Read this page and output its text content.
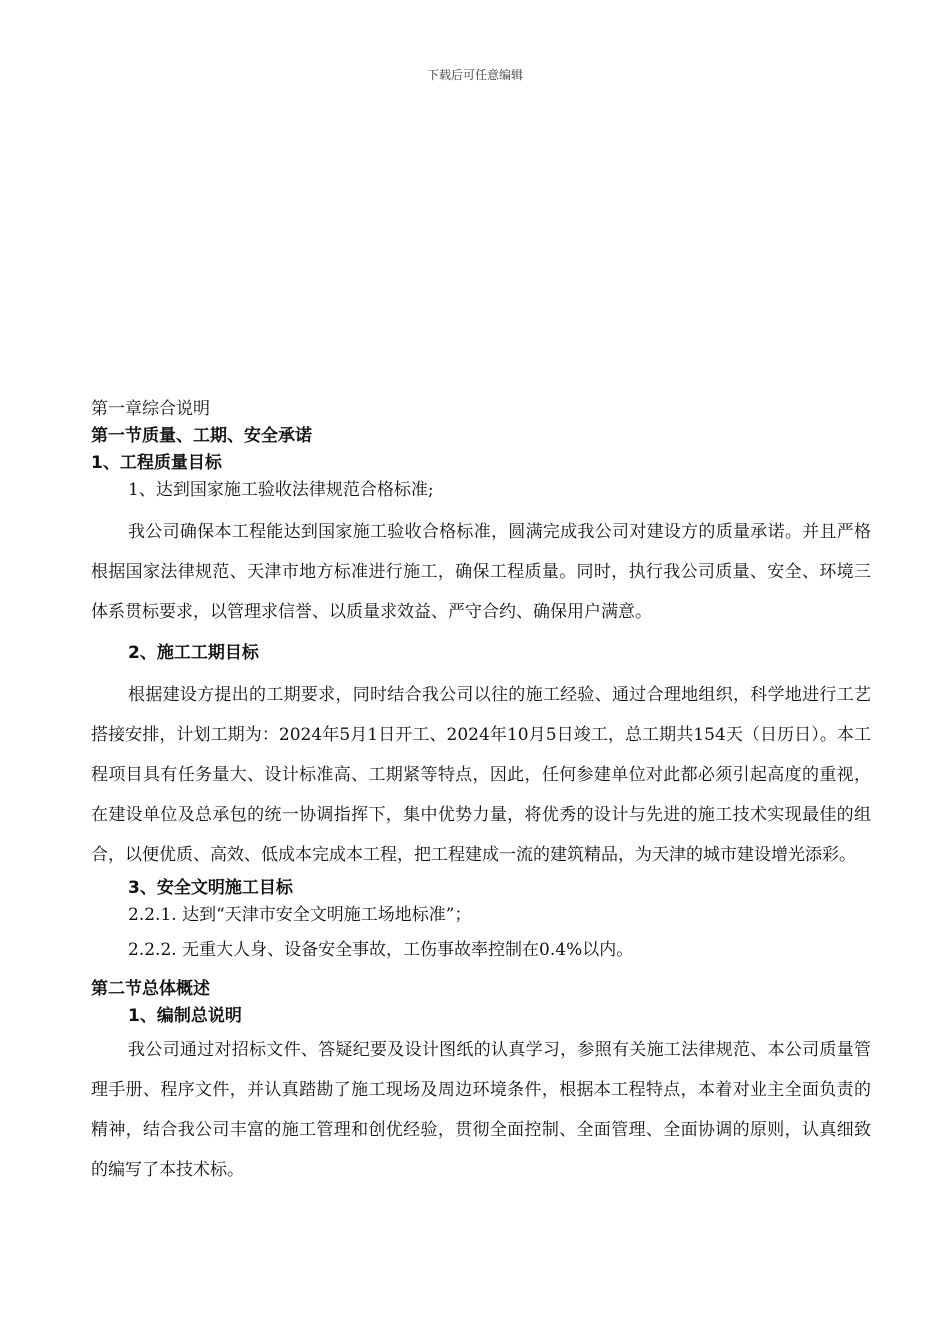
下载后可任意编辑
第一章综合说明
第一节质量、工期、安全承诺
1、工程质量目标

1、达到国家施工验收法律规范合格标准;

我公司确保本工程能达到国家施工验收合格标准，圆满完成我公司对建设方的质量承诺。并且严格根据国家法律规范、天津市地方标准进行施工，确保工程质量。同时，执行我公司质量、安全、环境三体系贯标要求，以管理求信誉、以质量求效益、严守合约、确保用户满意。

2、施工工期目标

根据建设方提出的工期要求，同时结合我公司以往的施工经验、通过合理地组织，科学地进行工艺搭接安排，计划工期为：2024年5月1日开工、2024年10月5日竣工，总工期共154天（日历日）。本工程项目具有任务量大、设计标准高、工期紧等特点，因此，任何参建单位对此都必须引起高度的重视，在建设单位及总承包的统一协调指挥下，集中优势力量，将优秀的设计与先进的施工技术实现最佳的组合，以便优质、高效、低成本完成本工程，把工程建成一流的建筑精品，为天津的城市建设增光添彩。

3、安全文明施工目标

2.2.1. 达到“天津市安全文明施工场地标准”；

2.2.2. 无重大人身、设备安全事故，工伤事故率控制在0.4%以内。

第二节总体概述
1、编制总说明

我公司通过对招标文件、答疑纪要及设计图纸的认真学习，参照有关施工法律规范、本公司质量管理手册、程序文件，并认真踏勘了施工现场及周边环境条件，根据本工程特点，本着对业主全面负责的精神，结合我公司丰富的施工管理和创优经验，贯彻全面控制、全面管理、全面协调的原则，认真细致的编写了本技术标。
